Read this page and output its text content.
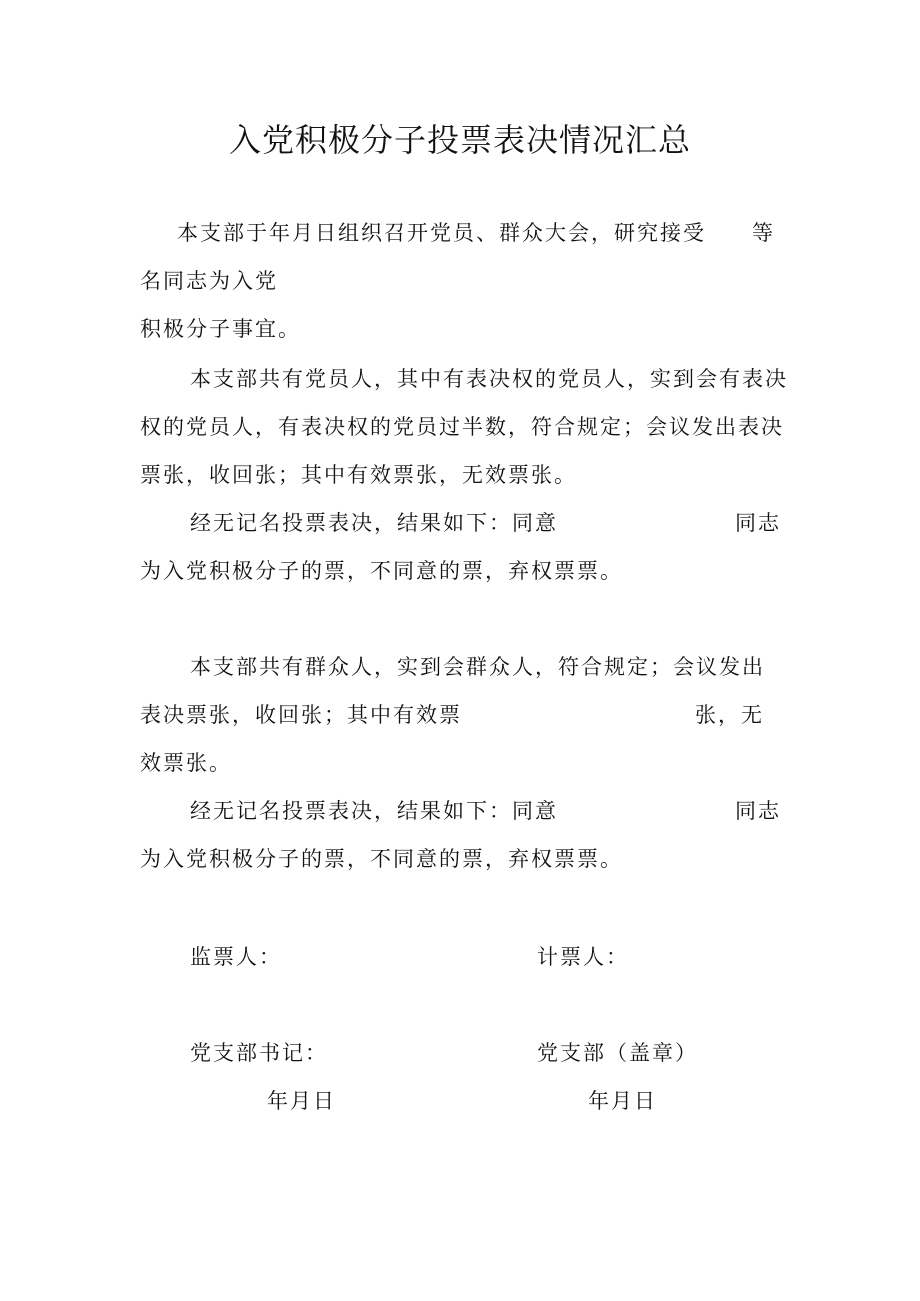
入党积极分子投票表决情况汇总
本支部于年月日组织召开党员、群众大会，研究接受 等
名同志为入党
积极分子事宜。
本支部共有党员人，其中有表决权的党员人，实到会有表决
权的党员人，有表决权的党员过半数，符合规定；会议发出表决
票张，收回张；其中有效票张，无效票张。
经无记名投票表决，结果如下：同意	同志
为入党积极分子的票，不同意的票，弃权票票。
本支部共有群众人，实到会群众人，符合规定；会议发出
表决票张，收回张；其中有效票	张，无
效票张。
经无记名投票表决，结果如下：同意	同志
为入党积极分子的票，不同意的票，弃权票票。
监票人：	计票人：
党支部书记：	党支部（盖章）
年月日	年月日
